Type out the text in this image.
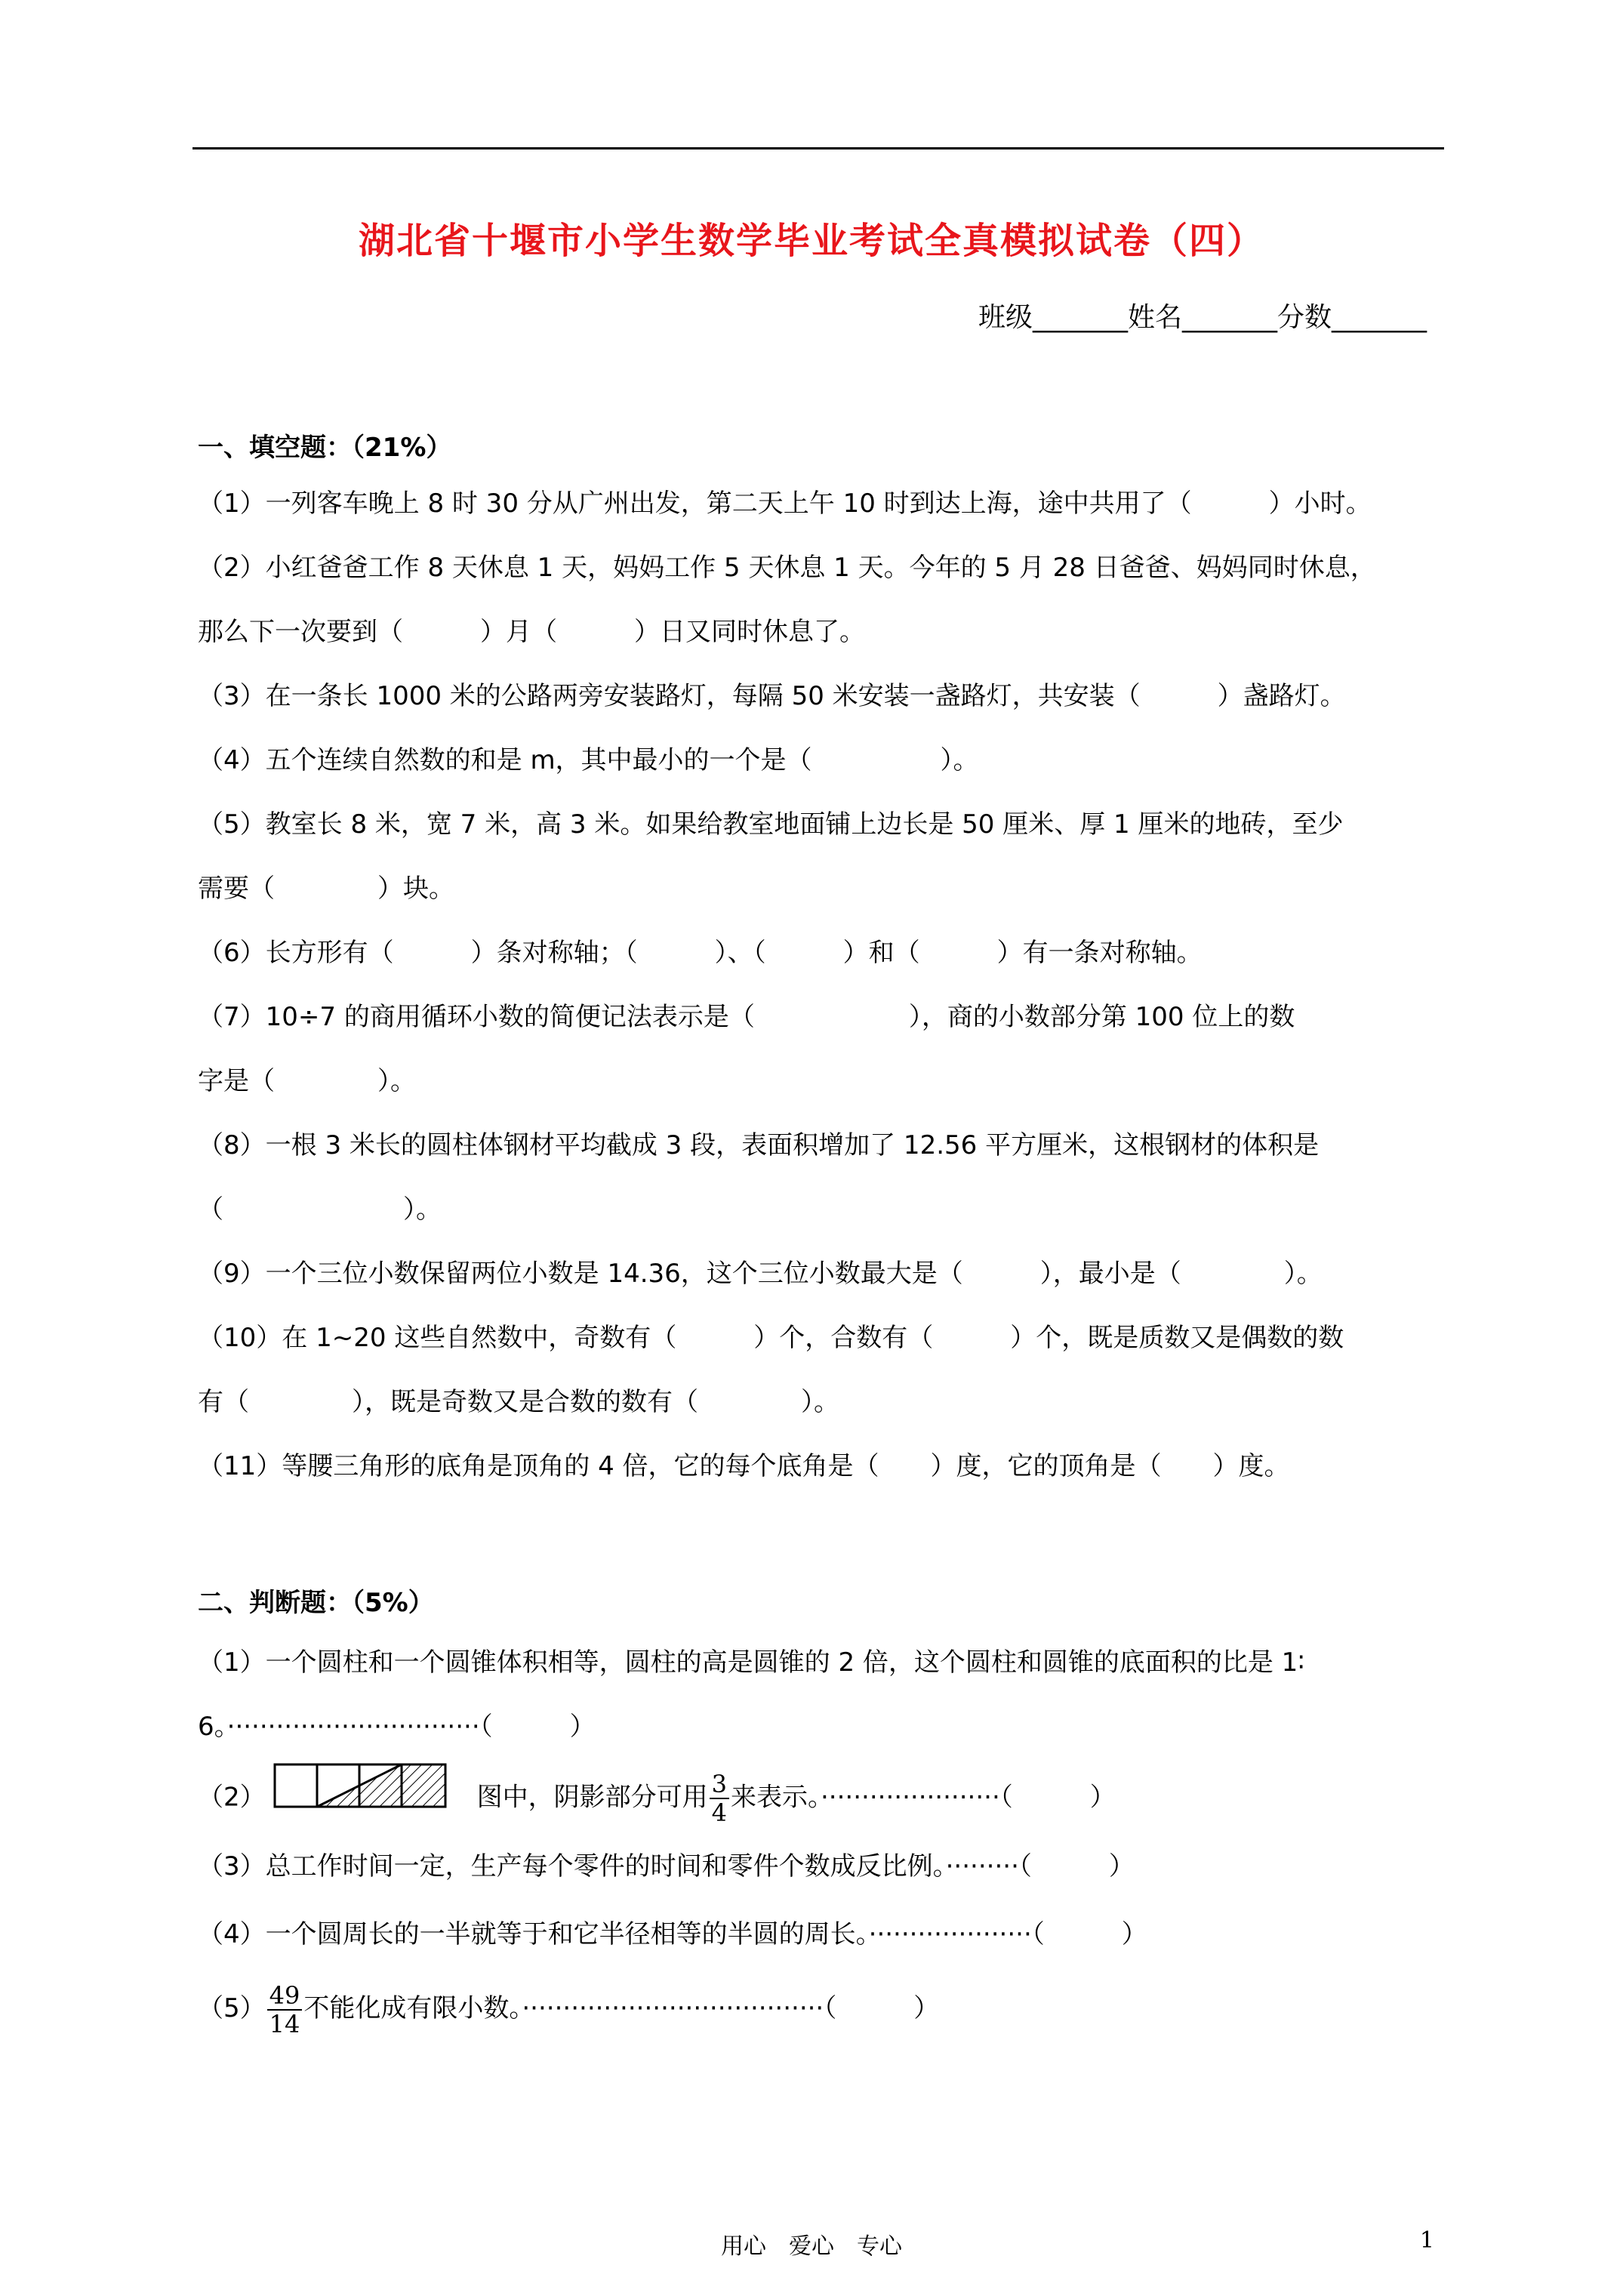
湖北省十堰市小学生数学毕业考试全真模拟试卷（四）
班级_______姓名_______分数_______
一、填空题：（21%）
（1）一列客车晚上 8 时 30 分从广州出发，第二天上午 10 时到达上海，途中共用了（　　　）小时。
（2）小红爸爸工作 8 天休息 1 天，妈妈工作 5 天休息 1 天。今年的 5 月 28 日爸爸、妈妈同时休息，
那么下一次要到（　　　）月（　　　）日又同时休息了。
（3）在一条长 1000 米的公路两旁安装路灯，每隔 50 米安装一盏路灯，共安装（　　　）盏路灯。
（4）五个连续自然数的和是 m，其中最小的一个是（　　　　　）。
（5）教室长 8 米，宽 7 米，高 3 米。如果给教室地面铺上边长是 50 厘米、厚 1 厘米的地砖，至少
需要（　　　　）块。
（6）长方形有（　　　）条对称轴；（　　　）、（　　　）和（　　　）有一条对称轴。
（7）10÷7 的商用循环小数的简便记法表示是（　　　　　　），商的小数部分第 100 位上的数
字是（　　　　）。
（8）一根 3 米长的圆柱体钢材平均截成 3 段，表面积增加了 12.56 平方厘米，这根钢材的体积是
（　　　　　　　）。
（9）一个三位小数保留两位小数是 14.36，这个三位小数最大是（　　　），最小是（　　　　）。
（10）在 1~20 这些自然数中，奇数有（　　　）个，合数有（　　　）个，既是质数又是偶数的数
有（　　　　），既是奇数又是合数的数有（　　　　）。
（11）等腰三角形的底角是顶角的 4 倍，它的每个底角是（　　）度，它的顶角是（　　）度。
二、判断题：（5%）
（1）一个圆柱和一个圆锥体积相等，圆柱的高是圆锥的 2 倍，这个圆柱和圆锥的底面积的比是 1∶
6。·······························（　　　）
（2）	图中，阴影部分可用 $\frac{3}{4}$ 来表示。······················（　　　）
（3）总工作时间一定，生产每个零件的时间和零件个数成反比例。·········（　　　）
（4）一个圆周长的一半就等于和它半径相等的半圆的周长。····················（　　　）
$(5) \frac{49}{14}$ 不能化成有限小数。·····································（　　　）
用心　爱心　专心	1
